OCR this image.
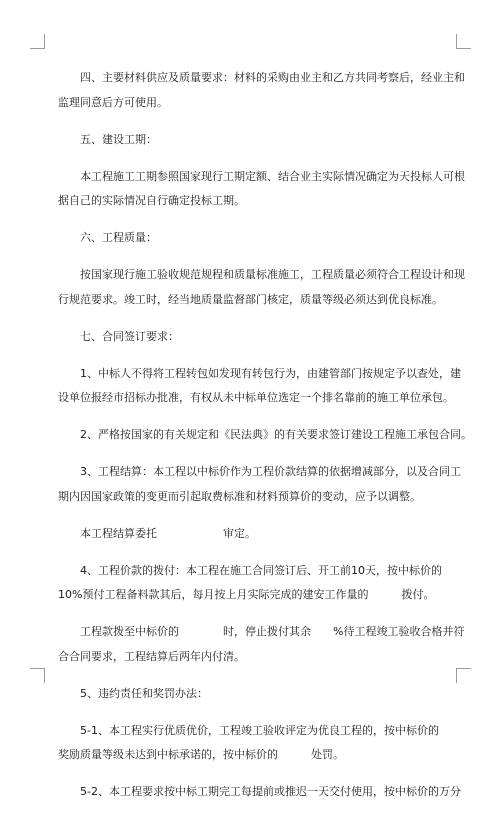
四、主要材料供应及质量要求：材料的采购由业主和乙方共同考察后，经业主和
监理同意后方可使用。

五、建设工期：

本工程施工工期参照国家现行工期定额、结合业主实际情况确定为天投标人可根
据自己的实际情况自行确定投标工期。

六、工程质量：

按国家现行施工验收规范规程和质量标准施工，工程质量必须符合工程设计和现
行规范要求。竣工时，经当地质量监督部门核定，质量等级必须达到优良标准。

七、合同签订要求：

1、中标人不得将工程转包如发现有转包行为，由建管部门按规定予以查处，建
设单位报经市招标办批准，有权从未中标单位选定一个排名靠前的施工单位承包。

2、严格按国家的有关规定和《民法典》的有关要求签订建设工程施工承包合同。

3、工程结算：本工程以中标价作为工程价款结算的依据增减部分，以及合同工
期内因国家政策的变更而引起取费标准和材料预算价的变动，应予以调整。

本工程结算委托　　　　　　审定。

4、工程价款的拨付：本工程在施工合同签订后、开工前10天，按中标价的
10%预付工程备料款其后，每月按上月实际完成的建安工作量的　　　拨付。

工程款拨至中标价的　　　　时，停止拨付其余　　%待工程竣工验收合格并符
合合同要求，工程结算后两年内付清。

5、违约责任和奖罚办法：

5-1、本工程实行优质优价，工程竣工验收评定为优良工程的，按中标价的
奖励质量等级未达到中标承诺的，按中标价的　　　处罚。

5-2、本工程要求按中标工期完工每提前或推迟一天交付使用，按中标价的万分
